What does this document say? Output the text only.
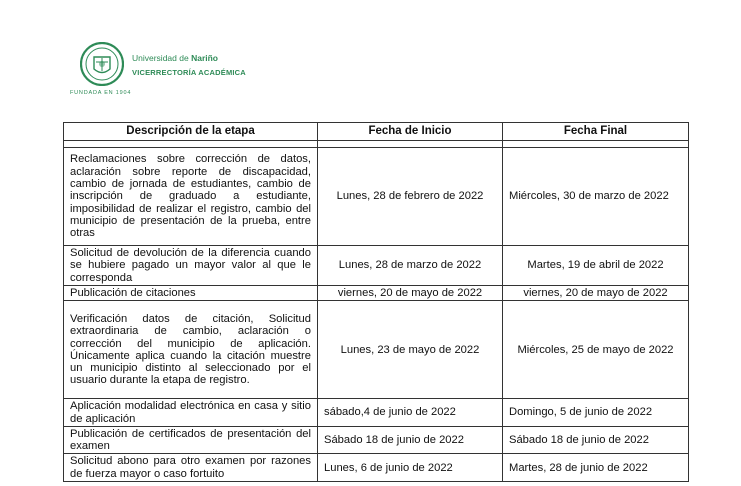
Universidad de Nariño
VICERRECTORÍA ACADÉMICA
FUNDADA EN 1904
Descripción de la etapa	Fecha de Inicio	Fecha Final

Reclamaciones sobre corrección de datos, aclaración sobre reporte de discapacidad, cambio de jornada de estudiantes, cambio de inscripción de graduado a estudiante, imposibilidad de realizar el registro, cambio del municipio de presentación de la prueba, entre otras	Lunes, 28 de febrero de 2022	Miércoles, 30 de marzo de 2022
Solicitud de devolución de la diferencia cuando se hubiere pagado un mayor valor al que le corresponda	Lunes, 28 de marzo de 2022	Martes, 19 de abril de 2022
Publicación de citaciones	viernes, 20 de mayo de 2022	viernes, 20 de mayo de 2022
Verificación datos de citación, Solicitud extraordinaria de cambio, aclaración o corrección del municipio de aplicación. Únicamente aplica cuando la citación muestre un municipio distinto al seleccionado por el usuario durante la etapa de registro.	Lunes, 23 de mayo de 2022	Miércoles, 25 de mayo de 2022
Aplicación modalidad electrónica en casa y sitio de aplicación	sábado,4 de junio de 2022	Domingo, 5 de junio de 2022
Publicación de certificados de presentación del examen	Sábado 18 de junio de 2022	Sábado 18 de junio de 2022
Solicitud abono para otro examen por razones de fuerza mayor o caso fortuito	Lunes, 6 de junio de 2022	Martes, 28 de junio de 2022
